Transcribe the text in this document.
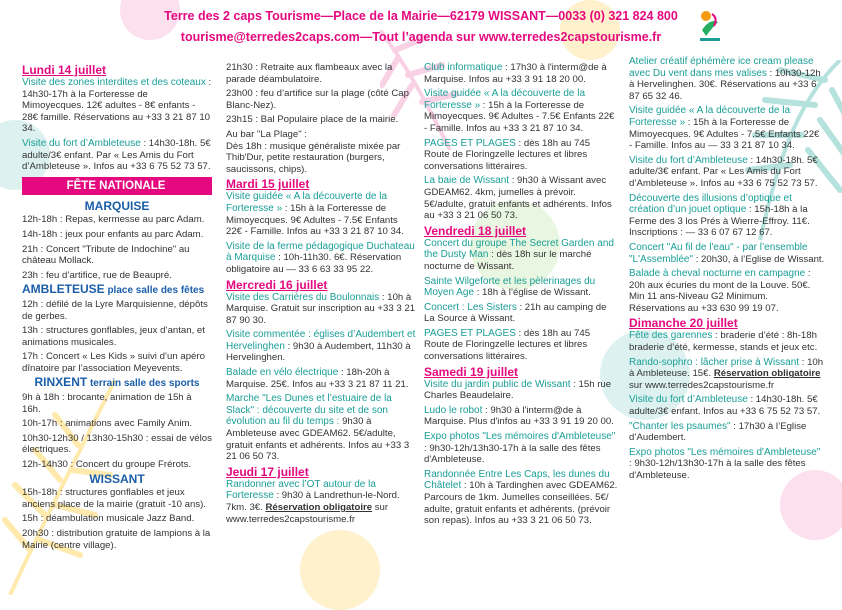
Terre des 2 caps Tourisme—Place de la Mairie—62179 WISSANT—0033 (0) 321 824 800
tourisme@terredes2caps.com—Tout l’agenda sur www.terredes2capstourisme.fr
Lundi 14 juillet
Visite des zones interdites et des coteaux : 14h30-17h à la Forteresse de Mimoyecques. 12€ adultes - 8€ enfants - 28€ famille. Réservations au +33 3 21 87 10 34.
Visite du fort d’Ambleteuse : 14h30-18h. 5€ adulte/3€ enfant. Par « Les Amis du Fort d’Ambleteuse ». Infos au +33 6 75 52 73 57.
FÊTE NATIONALE
MARQUISE
12h-18h : Repas, kermesse au parc Adam.
14h-18h : jeux pour enfants au parc Adam.
21h : Concert "Tribute de Indochine" au château Mollack.
23h : feu d’artifice, rue de Beaupré.
AMBLETEUSE place salle des fêtes
12h : défilé de la Lyre Marquisienne, dépôts de gerbes.
13h : structures gonflables, jeux d’antan, et animations musicales.
17h : Concert « Les Kids » suivi d’un apéro dînatoire par l’association Meyevents.
RINXENT terrain salle des sports
9h à 18h : brocante, animation de 15h à 16h.
10h-17h : animations avec Family Anim.
10h30-12h30 / 13h30-15h30 : essai de vélos électriques.
12h-14h30 : Concert du groupe Frérots.
WISSANT
15h-18h : structures gonflables et jeux anciens place de la mairie (gratuit -10 ans).
15h : déambulation musicale Jazz Band.
20h30 : distribution gratuite de lampions à la Mairie (centre village).
21h30 : Retraite aux flambeaux avec la parade déambulatoire.
23h00 : feu d’artifice sur la plage (côté Cap Blanc-Nez).
23h15 : Bal Populaire place de la mairie.
Au bar "La Plage" :
Dès 18h : musique généraliste mixée par Thib'Dur, petite restauration (burgers, saucissons, chips).
Mardi 15 juillet
Visite guidée « A la découverte de la Forteresse » : 15h à la Forteresse de Mimoyecques. 9€ Adultes - 7.5€ Enfants 22€ - Famille. Infos au +33 3 21 87 10 34.
Visite de la ferme pédagogique Duchateau à Marquise : 10h-11h30. 6€. Réservation obligatoire au — 33 6 63 33 95 22.
Mercredi 16 juillet
Visite des Carrières du Boulonnais : 10h à Marquise. Gratuit sur inscription au +33 3 21 87 90 30.
Visite commentée : églises d’Audembert et Hervelinghen : 9h30 à Audembert, 11h30 à Hervelinghen.
Balade en vélo électrique : 18h-20h à Marquise. 25€. Infos au +33 3 21 87 11 21.
Marche "Les Dunes et l’estuaire de la Slack" : découverte du site et de son évolution au fil du temps : 9h30 à Ambleteuse avec GDEAM62. 5€/adulte, gratuit enfants et adhérents. Infos au +33 3 21 06 50 73.
Jeudi 17 juillet
Randonner avec l’OT autour de la Forteresse : 9h30 à Landrethun-le-Nord. 7km. 3€. Réservation obligatoire sur www.terredes2capstourisme.fr
Club informatique : 17h30 à l'interm@de à Marquise. Infos au +33 3 91 18 20 00.
Visite guidée « A la découverte de la Forteresse » : 15h à la Forteresse de Mimoyecques. 9€ Adultes - 7.5€ Enfants 22€ - Famille. Infos au +33 3 21 87 10 34.
PAGES ET PLAGES : dès 18h au 745 Route de Floringzelle lectures et libres conversations littéraires.
La baie de Wissant : 9h30 à Wissant avec GDEAM62. 4km, jumelles à prévoir. 5€/adulte, gratuit enfants et adhérents. Infos au +33 3 21 06 50 73.
Vendredi 18 juillet
Concert du groupe The Secret Garden and the Dusty Man : dès 18h sur le marché nocturne de Wissant.
Sainte Wilgeforte et les pèlerinages du Moyen Age : 18h à l’église de Wissant.
Concert : Les Sisters : 21h au camping de La Source à Wissant.
PAGES ET PLAGES : dès 18h au 745 Route de Floringzelle lectures et libres conversations littéraires.
Samedi 19 juillet
Visite du jardin public de Wissant : 15h rue Charles Beaudelaire.
Ludo le robot : 9h30 à l'interm@de à Marquise. Plus d'infos au +33 3 91 19 20 00.
Expo photos "Les mémoires d'Ambleteuse" : 9h30-12h/13h30-17h à la salle des fêtes d'Ambleteuse.
Randonnée Entre Les Caps, les dunes du Châtelet : 10h à Tardinghen avec GDEAM62. Parcours de 1km. Jumelles conseillées. 5€/ adulte, gratuit enfants et adhérents. (prévoir son repas). Infos au +33 3 21 06 50 73.
Atelier créatif éphémère ice cream please avec Du vent dans mes valises : 10h30-12h à Hervelinghen. 30€. Réservations au +33 6 87 65 32 46.
Visite guidée « A la découverte de la Forteresse » : 15h à la Forteresse de Mimoyecques. 9€ Adultes - 7.5€ Enfants 22€ - Famille. Infos au — 33 3 21 87 10 34.
Visite du fort d’Ambleteuse : 14h30-18h. 5€ adulte/3€ enfant. Par « Les Amis du Fort d’Ambleteuse ». Infos au +33 6 75 52 73 57.
Découverte des illusions d’optique et création d’un jouet optique : 15h-18h à la Ferme des 3 los Prés à Wierre-Effroy. 11€. Inscriptions : — 33 6 07 67 12 67.
Concert "Au fil de l'eau" - par l’ensemble "L'Assemblée" : 20h30, à l’Eglise de Wissant.
Balade à cheval nocturne en campagne : 20h aux écuries du mont de la Louve. 50€. Min 11 ans-Niveau G2 Minimum. Réservations au +33 630 99 19 07.
Dimanche 20 juillet
Fête des garennes : braderie d’été : 8h-18h braderie d’été, kermesse, stands et jeux etc.
Rando-sophro : lâcher prise à Wissant : 10h à Ambleteuse. 15€. Réservation obligatoire sur www.terredes2capstourisme.fr
Visite du fort d’Ambleteuse : 14h30-18h. 5€ adulte/3€ enfant. Infos au +33 6 75 52 73 57.
"Chanter les psaumes" : 17h30 à l’Eglise d’Audembert.
Expo photos "Les mémoires d'Ambleteuse" : 9h30-12h/13h30-17h à la salle des fêtes d'Ambleteuse.
